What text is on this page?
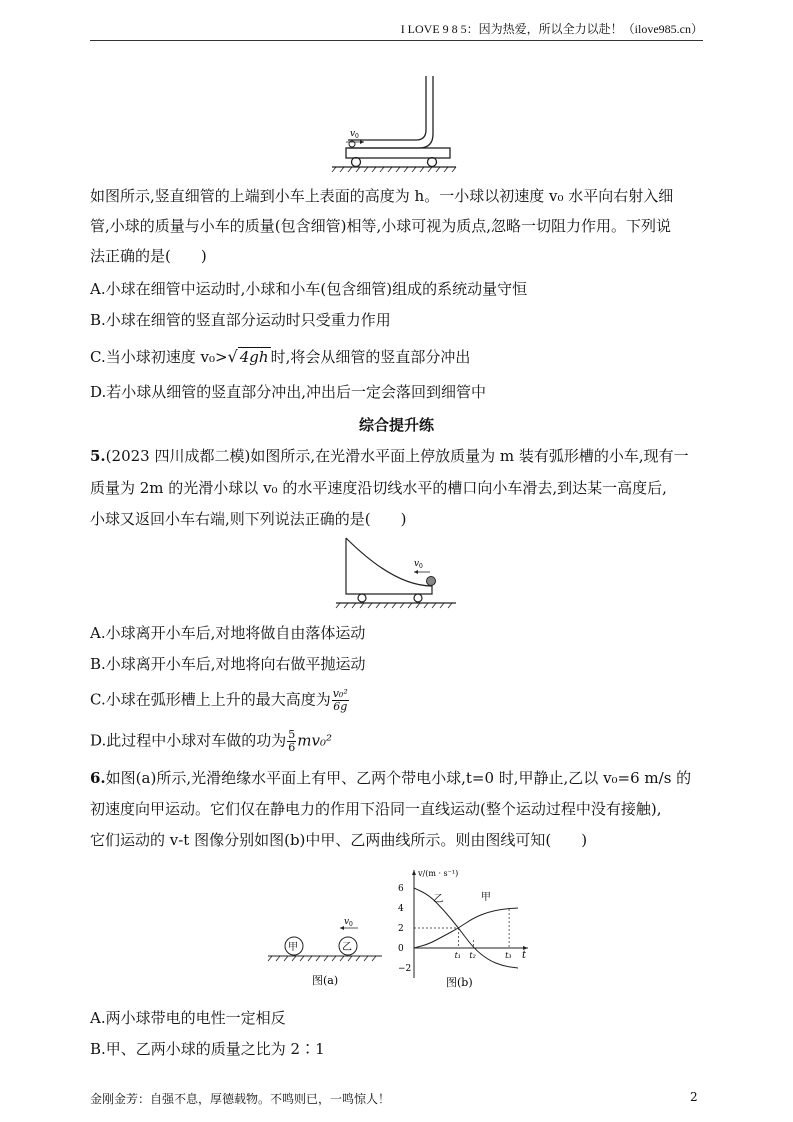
I LOVE 9 8 5：因为热爱，所以全力以赴！（ilove985.cn）
v 0
如图所示,竖直细管的上端到小车上表面的高度为 h。一小球以初速度 v₀ 水平向右射入细
管,小球的质量与小车的质量(包含细管)相等,小球可视为质点,忽略一切阻力作用。下列说
法正确的是(　　)
A.小球在细管中运动时,小球和小车(包含细管)组成的系统动量守恒
B.小球在细管的竖直部分运动时只受重力作用
C.当小球初速度 v₀>√ 4gh 时,将会从细管的竖直部分冲出
D.若小球从细管的竖直部分冲出,冲出后一定会落回到细管中
综合提升练
5.(2023 四川成都二模)如图所示,在光滑水平面上停放质量为 m 装有弧形槽的小车,现有一
质量为 2m 的光滑小球以 v₀ 的水平速度沿切线水平的槽口向小车滑去,到达某一高度后,
小球又返回小车右端,则下列说法正确的是(　　)
v 0
A.小球离开小车后,对地将做自由落体运动
B.小球离开小车后,对地将向右做平抛运动
C.小球在弧形槽上上升的最大高度为 $\frac{\text{v₀²}}{6g}$
D.此过程中小球对车做的功为 $\frac{5}{6} mv_0^2$
6.如图(a)所示,光滑绝缘水平面上有甲、乙两个带电小球,t=0 时,甲静止,乙以 v₀=6 m/s 的
初速度向甲运动。它们仅在静电力的作用下沿同一直线运动(整个运动过程中没有接触),
它们运动的 v-t 图像分别如图(b)中甲、乙两曲线所示。则由图线可知(　　)
甲	乙
v 0
图(a)
v/(m · s⁻¹)
t
6
4
2
0
−2
t₁ t₂	t₃
乙	甲
图(b)
A.两小球带电的电性一定相反
B.甲、乙两小球的质量之比为 2∶1
金刚金芳：自强不息，厚德载物。不鸣则已，一鸣惊人！	2
